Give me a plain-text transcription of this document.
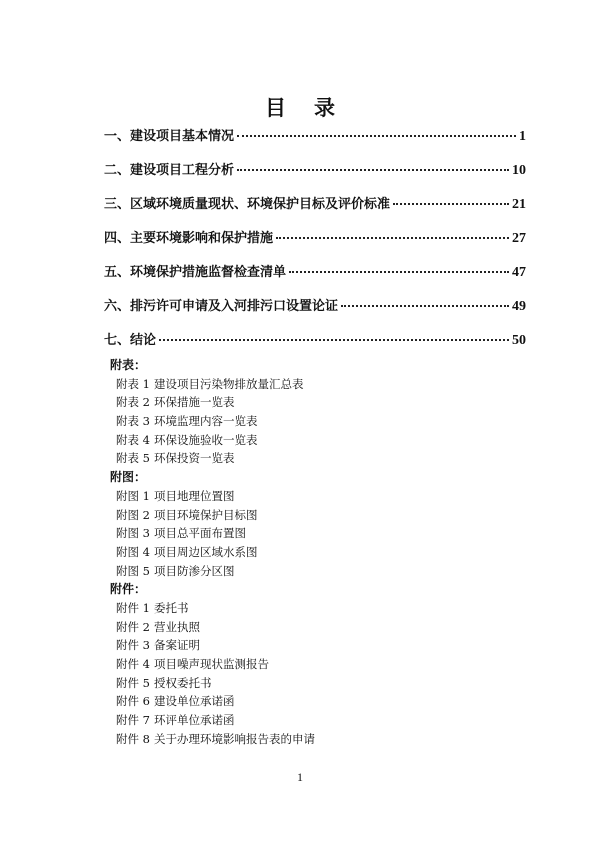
目录
一、建设项目基本情况	1
二、建设项目工程分析	10
三、区域环境质量现状、环境保护目标及评价标准	21
四、主要环境影响和保护措施	27
五、环境保护措施监督检查清单	47
六、排污许可申请及入河排污口设置论证	49
七、结论	50
附表：
附表 1 建设项目污染物排放量汇总表
附表 2 环保措施一览表
附表 3 环境监理内容一览表
附表 4 环保设施验收一览表
附表 5 环保投资一览表
附图：
附图 1 项目地理位置图
附图 2 项目环境保护目标图
附图 3 项目总平面布置图
附图 4 项目周边区域水系图
附图 5 项目防渗分区图
附件：
附件 1 委托书
附件 2 营业执照
附件 3 备案证明
附件 4 项目噪声现状监测报告
附件 5 授权委托书
附件 6 建设单位承诺函
附件 7 环评单位承诺函
附件 8 关于办理环境影响报告表的申请
1
